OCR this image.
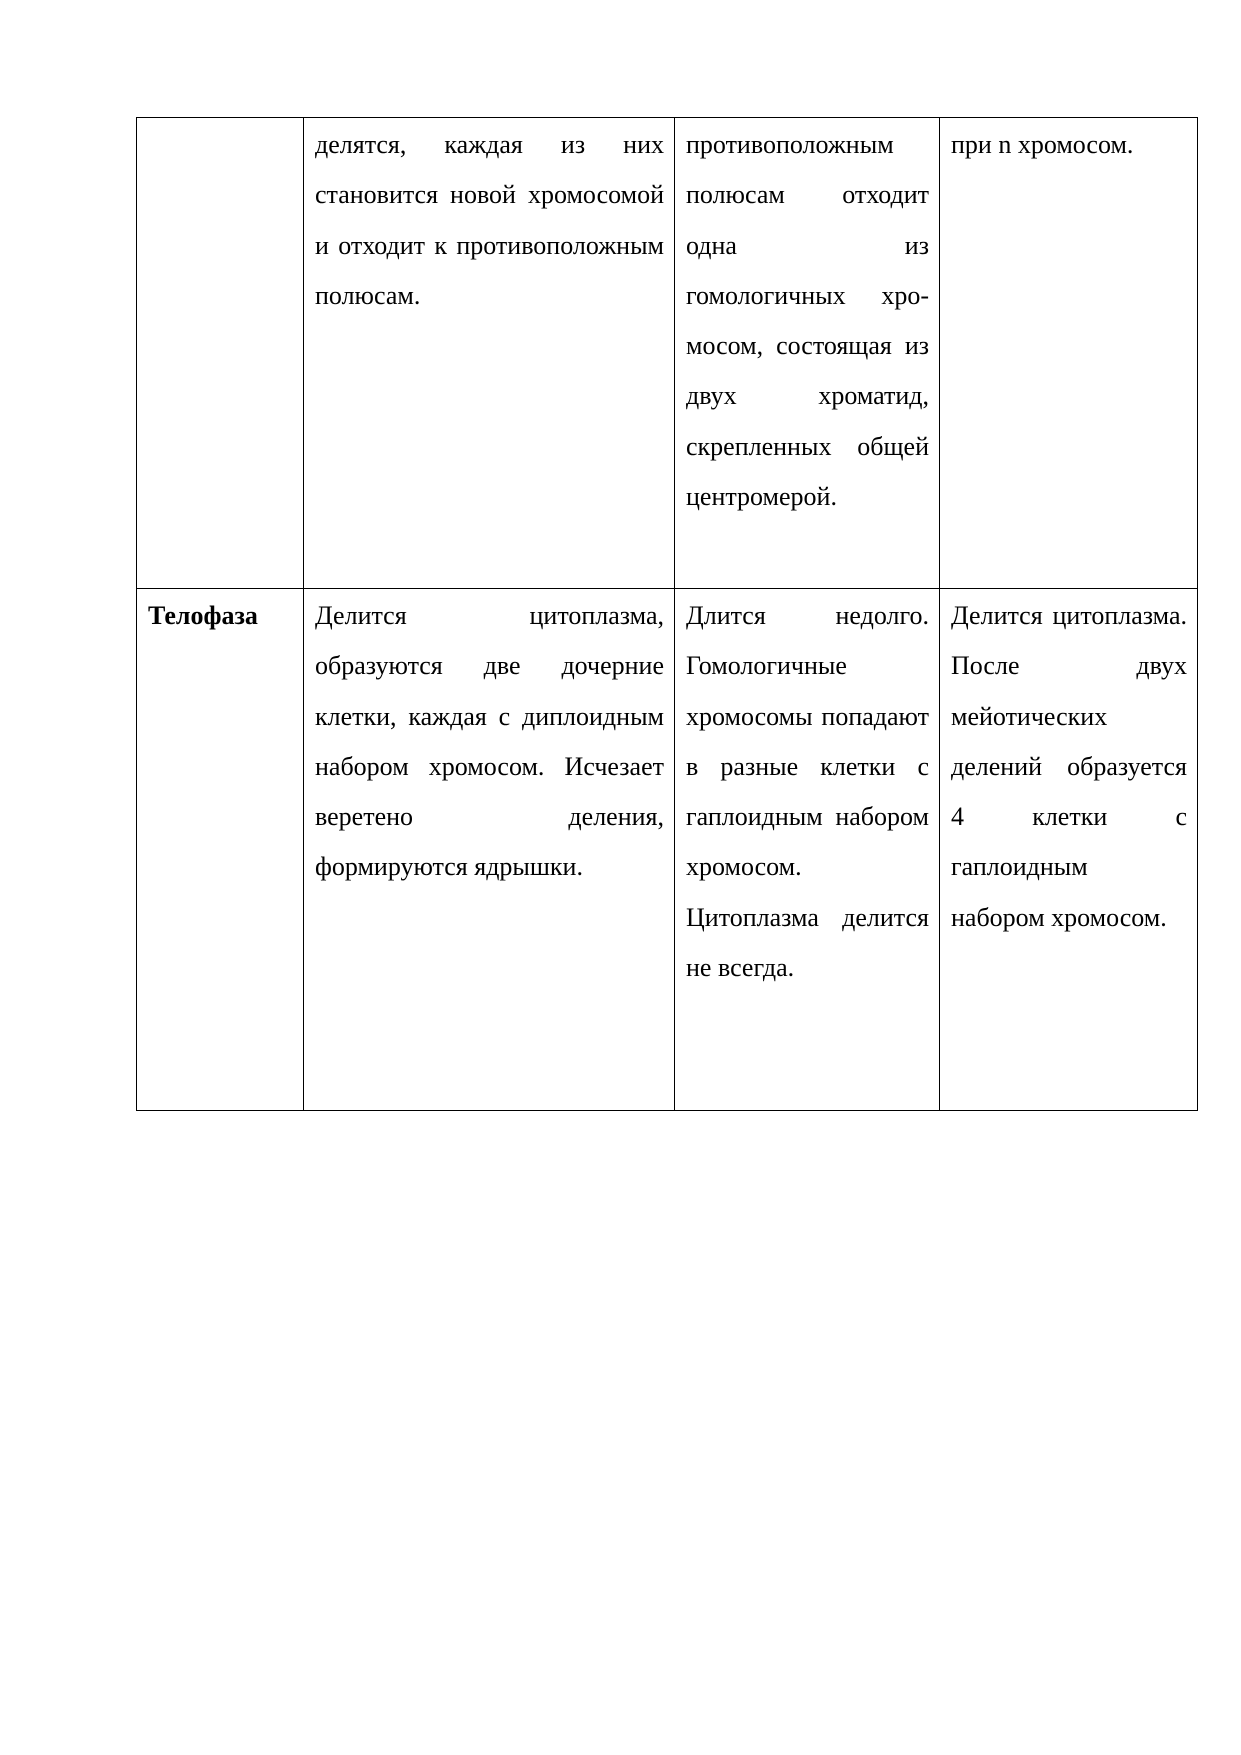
	делятся, каждая из них становится новой хромосомой и отходит к противоположным полюсам.	противоположным полюсам отходит одна из гомологичных хромосом, состоящая из двух хроматид, скрепленных общей центромерой.	при n хромосом.
Телофаза	Делится цитоплазма, образуются две дочерние клетки, каждая с диплоидным набором хромосом. Исчезает веретено деления, формируются ядрышки.	Длится недолго. Гомологичные хромосомы попадают в разные клетки с гаплоидным набором хромосом. Цитоплазма делится не всегда.	Делится цитоплазма. После двух мейотических делений образуется 4 клетки с гаплоидным набором хромосом.
